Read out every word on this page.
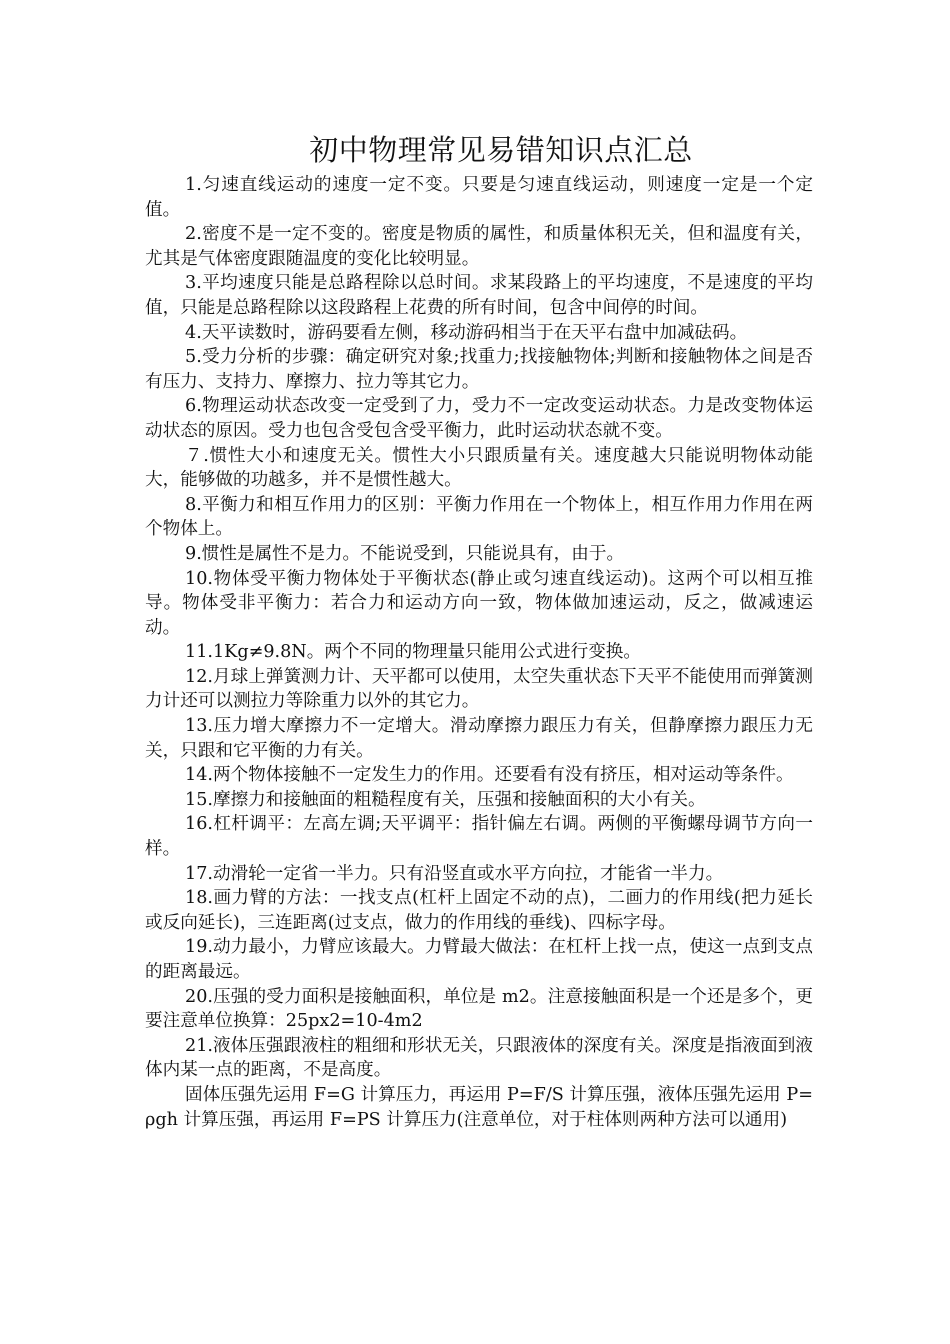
初中物理常见易错知识点汇总

1.匀速直线运动的速度一定不变。只要是匀速直线运动，则速度一定是一个定值。

2.密度不是一定不变的。密度是物质的属性，和质量体积无关，但和温度有关，尤其是气体密度跟随温度的变化比较明显。

3.平均速度只能是总路程除以总时间。求某段路上的平均速度，不是速度的平均值，只能是总路程除以这段路程上花费的所有时间，包含中间停的时间。

4.天平读数时，游码要看左侧，移动游码相当于在天平右盘中加减砝码。

5.受力分析的步骤：确定研究对象;找重力;找接触物体;判断和接触物体之间是否有压力、支持力、摩擦力、拉力等其它力。

6.物理运动状态改变一定受到了力，受力不一定改变运动状态。力是改变物体运动状态的原因。受力也包含受包含受平衡力，此时运动状态就不变。

７.惯性大小和速度无关。惯性大小只跟质量有关。速度越大只能说明物体动能大，能够做的功越多，并不是惯性越大。

8.平衡力和相互作用力的区别：平衡力作用在一个物体上，相互作用力作用在两个物体上。

9.惯性是属性不是力。不能说受到，只能说具有，由于。

10.物体受平衡力物体处于平衡状态(静止或匀速直线运动)。这两个可以相互推导。物体受非平衡力：若合力和运动方向一致，物体做加速运动，反之，做减速运动。

11.1Kg≠9.8N。两个不同的物理量只能用公式进行变换。

12.月球上弹簧测力计、天平都可以使用，太空失重状态下天平不能使用而弹簧测力计还可以测拉力等除重力以外的其它力。

13.压力增大摩擦力不一定增大。滑动摩擦力跟压力有关，但静摩擦力跟压力无关，只跟和它平衡的力有关。

14.两个物体接触不一定发生力的作用。还要看有没有挤压，相对运动等条件。

15.摩擦力和接触面的粗糙程度有关，压强和接触面积的大小有关。

16.杠杆调平：左高左调;天平调平：指针偏左右调。两侧的平衡螺母调节方向一样。

17.动滑轮一定省一半力。只有沿竖直或水平方向拉，才能省一半力。

18.画力臂的方法：一找支点(杠杆上固定不动的点)，二画力的作用线(把力延长或反向延长)，三连距离(过支点，做力的作用线的垂线)、四标字母。

19.动力最小，力臂应该最大。力臂最大做法：在杠杆上找一点，使这一点到支点的距离最远。

20.压强的受力面积是接触面积，单位是 m2。注意接触面积是一个还是多个，更要注意单位换算：25px2=10-4m2

21.液体压强跟液柱的粗细和形状无关，只跟液体的深度有关。深度是指液面到液体内某一点的距离，不是高度。

固体压强先运用 F=G 计算压力，再运用 P=F/S 计算压强，液体压强先运用 P=ρgh 计算压强，再运用 F=PS 计算压力(注意单位，对于柱体则两种方法可以通用)
